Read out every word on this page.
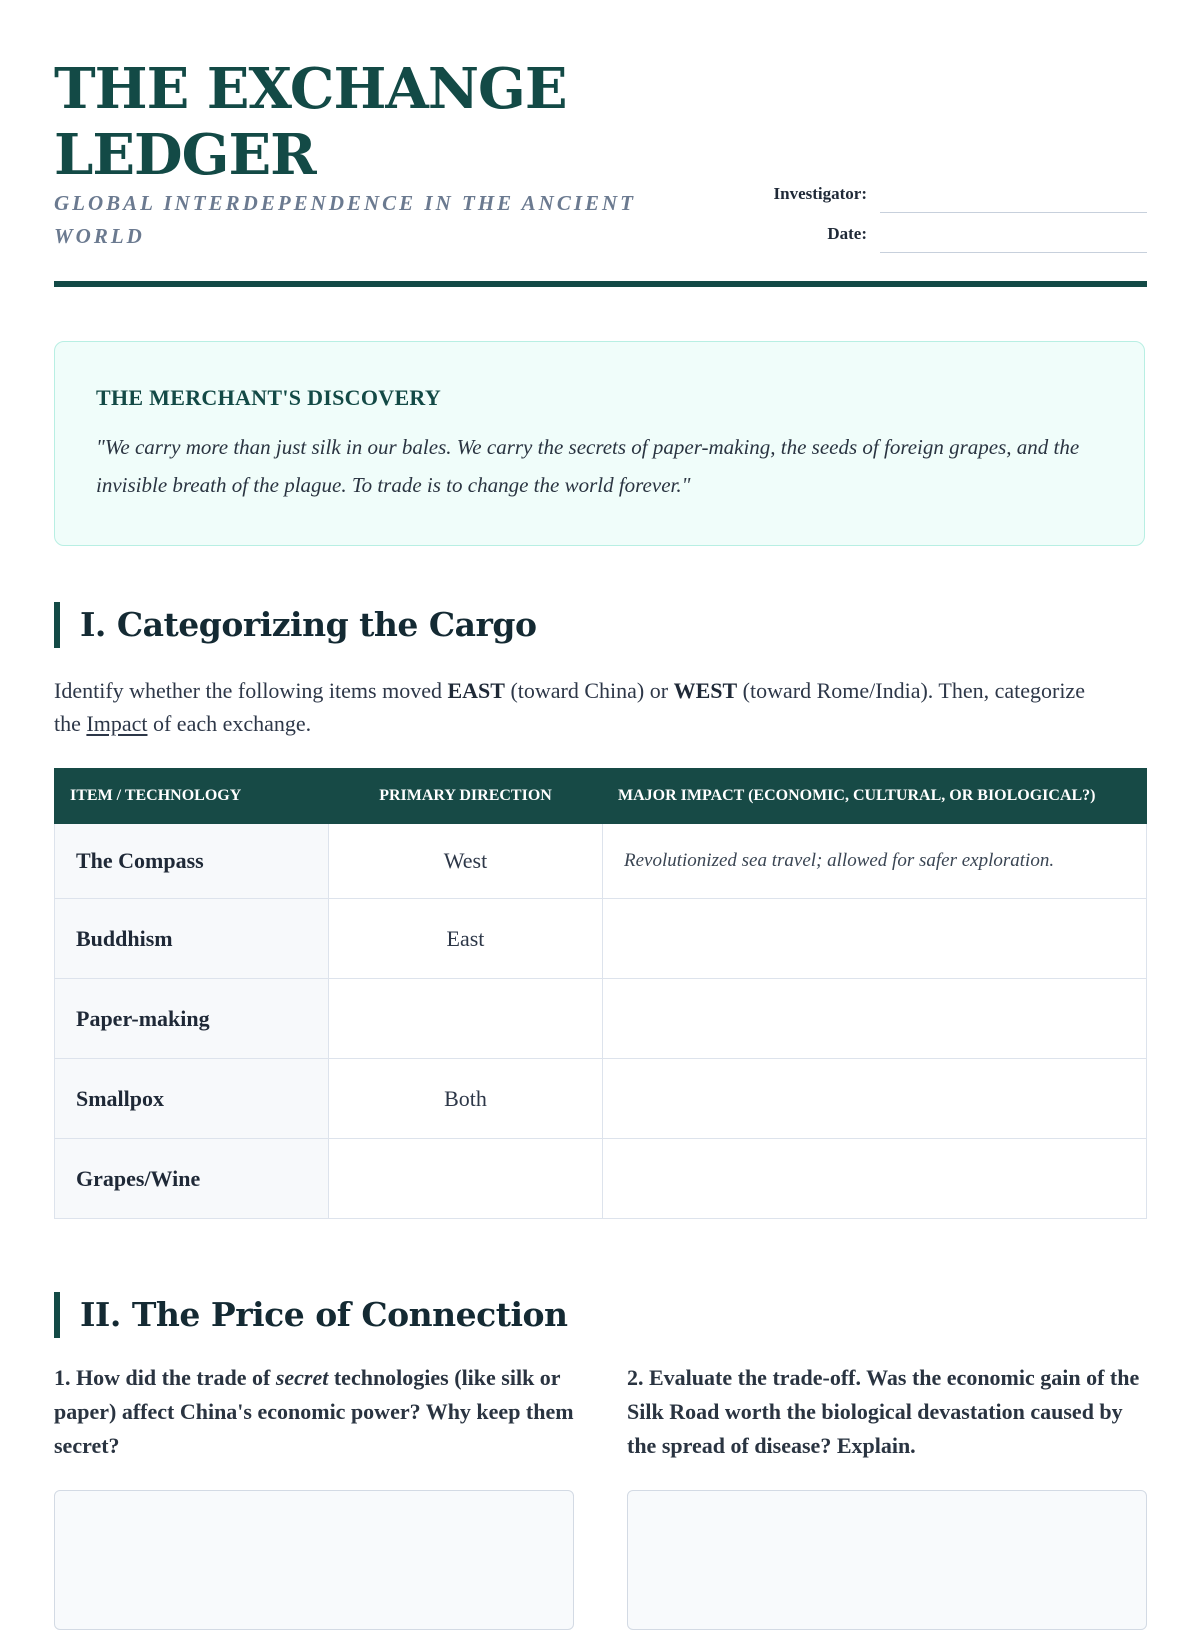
THE EXCHANGE LEDGER
GLOBAL INTERDEPENDENCE IN THE ANCIENT WORLD
Investigator:
Date:
THE MERCHANT'S DISCOVERY
"We carry more than just silk in our bales. We carry the secrets of paper-making, the seeds of foreign grapes, and the invisible breath of the plague. To trade is to change the world forever."
I. Categorizing the Cargo
Identify whether the following items moved EAST (toward China) or WEST (toward Rome/India). Then, categorize the Impact of each exchange.
ITEM / TECHNOLOGY	PRIMARY DIRECTION	MAJOR IMPACT (ECONOMIC, CULTURAL, OR BIOLOGICAL?)
The Compass	West	Revolutionized sea travel; allowed for safer exploration.
Buddhism	East	
Paper-making		
Smallpox	Both	
Grapes/Wine		
II. The Price of Connection
1. How did the trade of secret technologies (like silk or paper) affect China's economic power? Why keep them secret?
2. Evaluate the trade-off. Was the economic gain of the Silk Road worth the biological devastation caused by the spread of disease? Explain.
